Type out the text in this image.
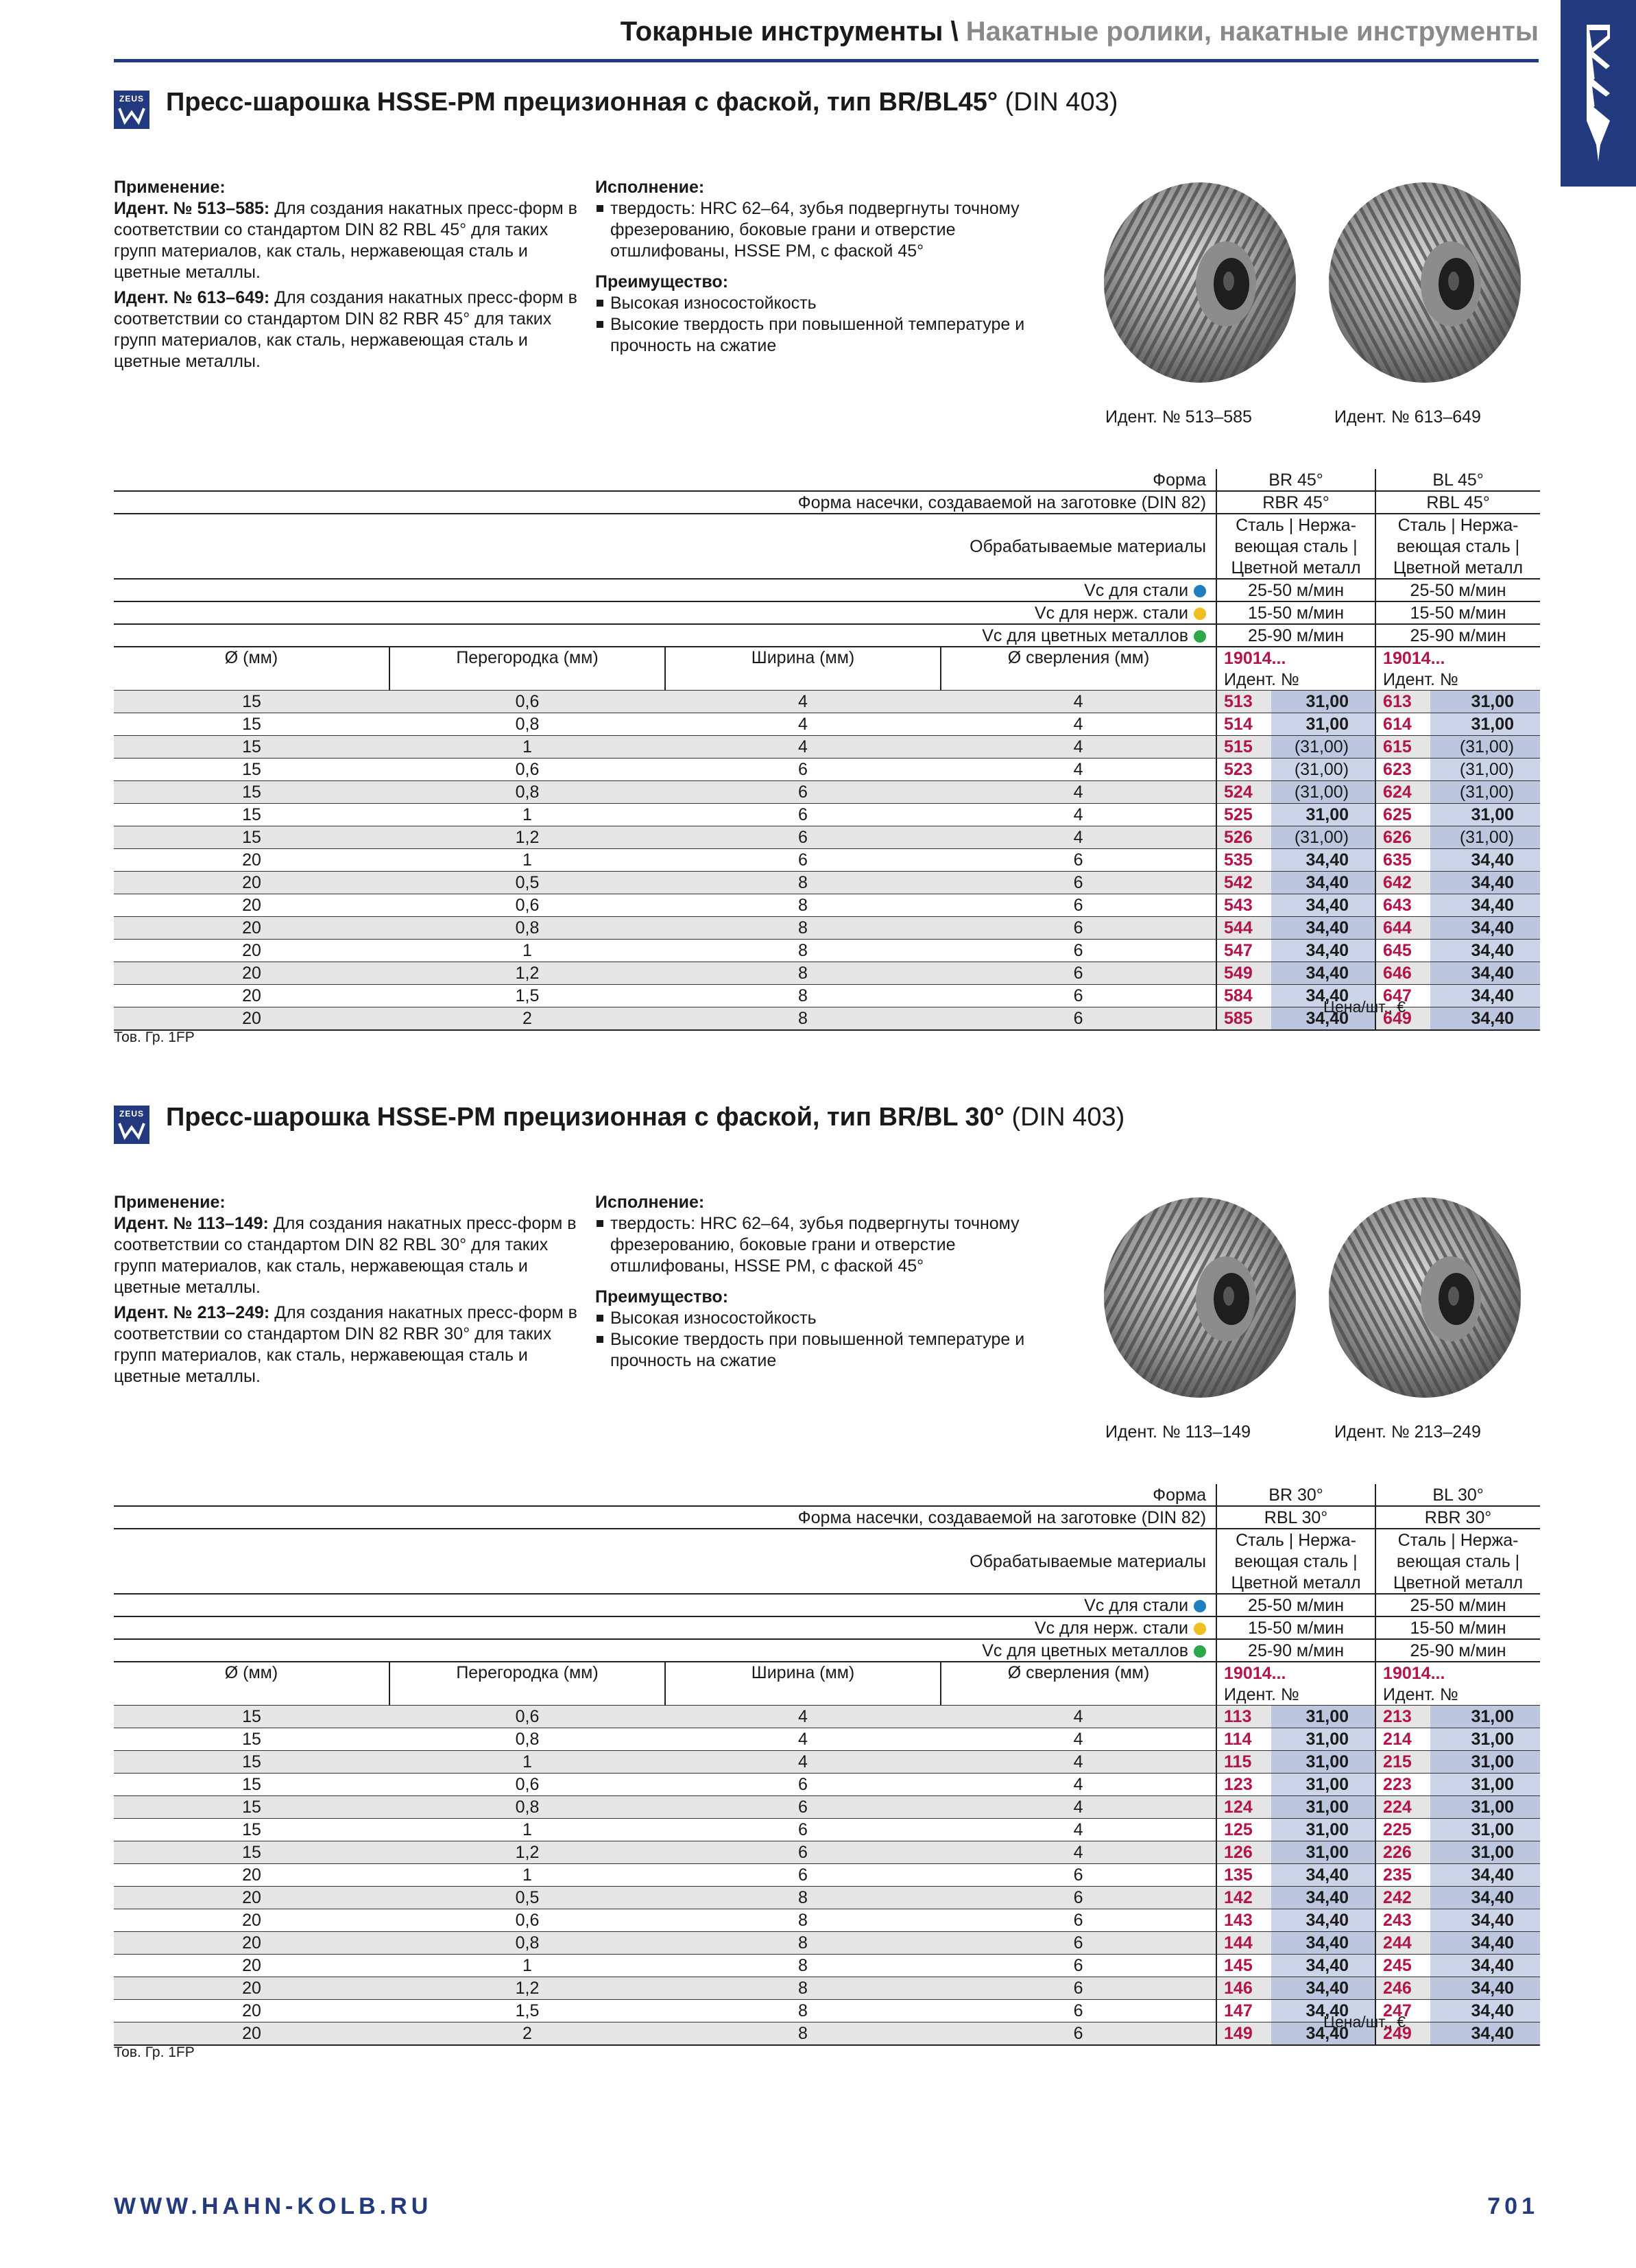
Токарные инструменты \ Накатные ролики, накатные инструменты
ZEUS Пресс-шарошка HSSE-PM прецизионная с фаской, тип BR/BL45° (DIN 403)

Применение:

Идент. № 513–585: Для создания накатных пресс-форм в соответствии со стандартом DIN 82 RBL 45° для таких групп материалов, как сталь, нержавеющая сталь и цветные металлы.

Идент. № 613–649: Для создания накатных пресс-форм в соответствии со стандартом DIN 82 RBR 45° для таких групп материалов, как сталь, нержавеющая сталь и цветные металлы.

Исполнение:

твердость: HRC 62–64, зубья подвергнуты точному фрезерованию, боковые грани и отверстие отшлифованы, HSSE PM, с фаской 45°

Преимущество:

Высокая износостойкость
Высокие твердость при повышенной температуре и прочность на сжатие
Идент. № 513–585	Идент. № 613–649
Форма				BR 45°		BL 45°	
Форма насечки, создаваемой на заготовке (DIN 82)				RBR 45°		RBL 45°	
				Сталь | Нержа-		Сталь | Нержа-	
Обрабатываемые материалы				веющая сталь |		веющая сталь |	
				Цветной металл		Цветной металл	
Vc для стали				25-50 м/мин		25-50 м/мин	
Vc для нерж. стали				15-50 м/мин		15-50 м/мин	
Vc для цветных металлов				25-90 м/мин		25-90 м/мин	
Ø (мм)	Перегородка (мм)	Ширина (мм)	Ø сверления (мм)	19014...		19014...	
				Идент. №		Идент. №	
15	0,6	4	4	513	31,00	613	31,00
15	0,8	4	4	514	31,00	614	31,00
15	1	4	4	515	(31,00)	615	(31,00)
15	0,6	6	4	523	(31,00)	623	(31,00)
15	0,8	6	4	524	(31,00)	624	(31,00)
15	1	6	4	525	31,00	625	31,00
15	1,2	6	4	526	(31,00)	626	(31,00)
20	1	6	6	535	34,40	635	34,40
20	0,5	8	6	542	34,40	642	34,40
20	0,6	8	6	543	34,40	643	34,40
20	0,8	8	6	544	34,40	644	34,40
20	1	8	6	547	34,40	645	34,40
20	1,2	8	6	549	34,40	646	34,40
20	1,5	8	6	584	34,40	647	34,40
20	2	8	6	585	34,40	649	34,40
Цена/шт., €
Тов. Гр. 1FP
ZEUS Пресс-шарошка HSSE-PM прецизионная с фаской, тип BR/BL 30° (DIN 403)

Применение:

Идент. № 113–149: Для создания накатных пресс-форм в соответствии со стандартом DIN 82 RBL 30° для таких групп материалов, как сталь, нержавеющая сталь и цветные металлы.

Идент. № 213–249: Для создания накатных пресс-форм в соответствии со стандартом DIN 82 RBR 30° для таких групп материалов, как сталь, нержавеющая сталь и цветные металлы.

Исполнение:

твердость: HRC 62–64, зубья подвергнуты точному фрезерованию, боковые грани и отверстие отшлифованы, HSSE PM, с фаской 45°

Преимущество:

Высокая износостойкость
Высокие твердость при повышенной температуре и прочность на сжатие
Идент. № 113–149	Идент. № 213–249
Форма				BR 30°		BL 30°	
Форма насечки, создаваемой на заготовке (DIN 82)				RBL 30°		RBR 30°	
				Сталь | Нержа-		Сталь | Нержа-	
Обрабатываемые материалы				веющая сталь |		веющая сталь |	
				Цветной металл		Цветной металл	
Vc для стали				25-50 м/мин		25-50 м/мин	
Vc для нерж. стали				15-50 м/мин		15-50 м/мин	
Vc для цветных металлов				25-90 м/мин		25-90 м/мин	
Ø (мм)	Перегородка (мм)	Ширина (мм)	Ø сверления (мм)	19014...		19014...	
				Идент. №		Идент. №	
15	0,6	4	4	113	31,00	213	31,00
15	0,8	4	4	114	31,00	214	31,00
15	1	4	4	115	31,00	215	31,00
15	0,6	6	4	123	31,00	223	31,00
15	0,8	6	4	124	31,00	224	31,00
15	1	6	4	125	31,00	225	31,00
15	1,2	6	4	126	31,00	226	31,00
20	1	6	6	135	34,40	235	34,40
20	0,5	8	6	142	34,40	242	34,40
20	0,6	8	6	143	34,40	243	34,40
20	0,8	8	6	144	34,40	244	34,40
20	1	8	6	145	34,40	245	34,40
20	1,2	8	6	146	34,40	246	34,40
20	1,5	8	6	147	34,40	247	34,40
20	2	8	6	149	34,40	249	34,40
Цена/шт., €
Тов. Гр. 1FP
WWW.HAHN-KOLB.RU	701
